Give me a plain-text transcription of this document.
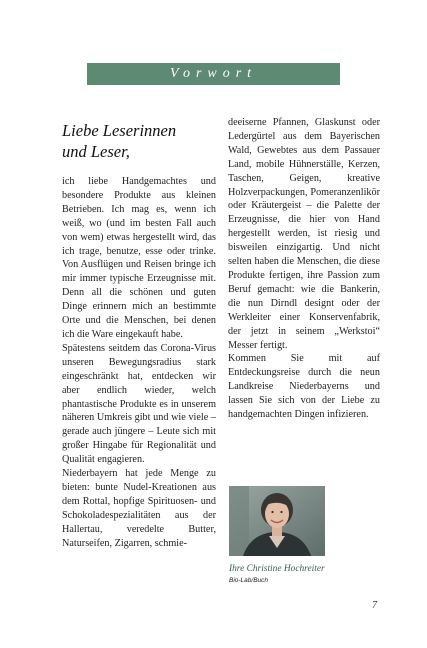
Vorwort
Liebe Leserinnen
und Leser,

ich liebe Handgemachtes und besondere Produkte aus kleinen Betrieben. Ich mag es, wenn ich weiß, wo (und im besten Fall auch von wem) etwas hergestellt wird, das ich trage, benutze, esse oder trinke. Von Ausflügen und Reisen bringe ich mir immer typische Erzeugnisse mit. Denn all die schönen und guten Dinge erinnern mich an bestimmte Orte und die Menschen, bei denen ich die Ware eingekauft habe.

Spätestens seitdem das Corona-Virus unseren Bewegungsradius stark eingeschränkt hat, entdecken wir aber endlich wieder, welch phantastische Produkte es in unserem näheren Umkreis gibt und wie viele – gerade auch jüngere – Leute sich mit großer Hingabe für Regionalität und Qualität engagieren.

Niederbayern hat jede Menge zu bieten: bunte Nudel-Kreationen aus dem Rottal, hopfige Spirituosen- und Schokoladespezialitäten aus der Hallertau, veredelte Butter, Naturseifen, Zigarren, schmie-

deeiserne Pfannen, Glaskunst oder Ledergürtel aus dem Bayerischen Wald, Gewebtes aus dem Passauer Land, mobile Hühnerställe, Kerzen, Taschen, Geigen, kreative Holzverpackungen, Pomeranzenlikör oder Kräutergeist – die Palette der Erzeugnisse, die hier von Hand hergestellt werden, ist riesig und bisweilen einzigartig. Und nicht selten haben die Menschen, die diese Produkte fertigen, ihre Passion zum Beruf gemacht: wie die Bankerin, die nun Dirndl designt oder der Werkleiter einer Konservenfabrik, der jetzt in seinem „Werkstoi“ Messer fertigt.

Kommen Sie mit auf Entdeckungsreise durch die neun Landkreise Niederbayerns und lassen Sie sich von der Liebe zu handgemachten Dingen infizieren.

Ihre Christine Hochreiter
Bio-Lab/Buch
7
